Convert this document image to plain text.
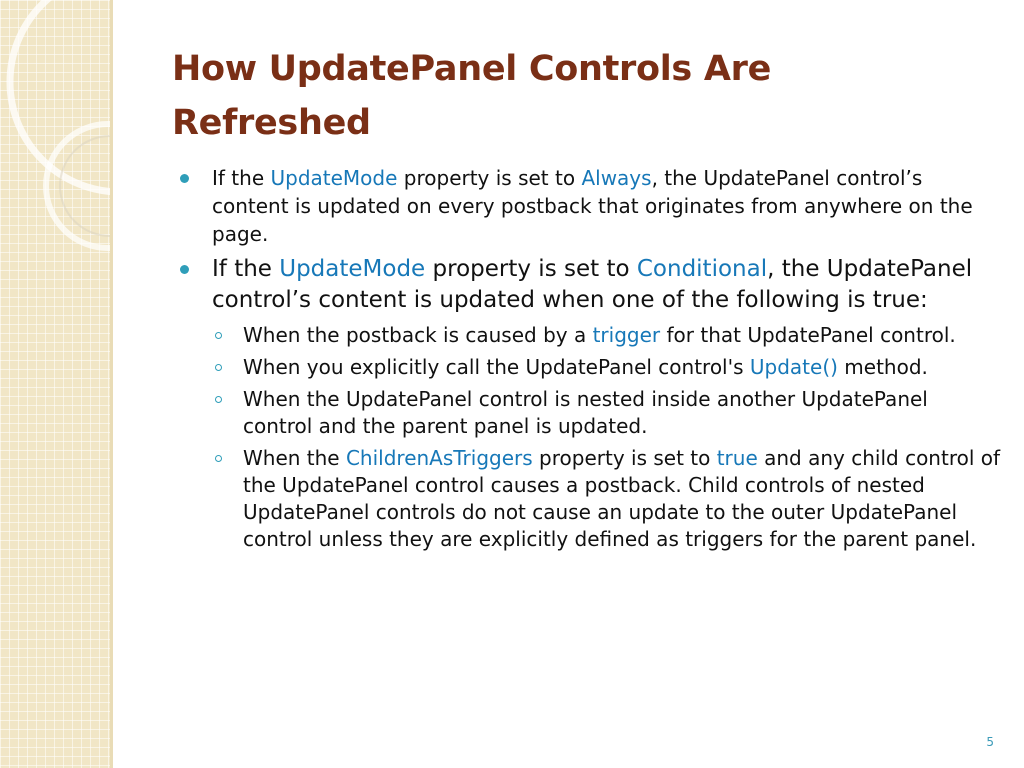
How UpdatePanel Controls Are Refreshed
If the UpdateMode property is set to Always, the UpdatePanel control’s content is updated on every postback that originates from anywhere on the page.
If the UpdateMode property is set to Conditional, the UpdatePanel control’s content is updated when one of the following is true:
When the postback is caused by a trigger for that UpdatePanel control.
When you explicitly call the UpdatePanel control's Update() method.
When the UpdatePanel control is nested inside another UpdatePanel control and the parent panel is updated.
When the ChildrenAsTriggers property is set to true and any child control of the UpdatePanel control causes a postback. Child controls of nested UpdatePanel controls do not cause an update to the outer UpdatePanel control unless they are explicitly defined as triggers for the parent panel.
5
